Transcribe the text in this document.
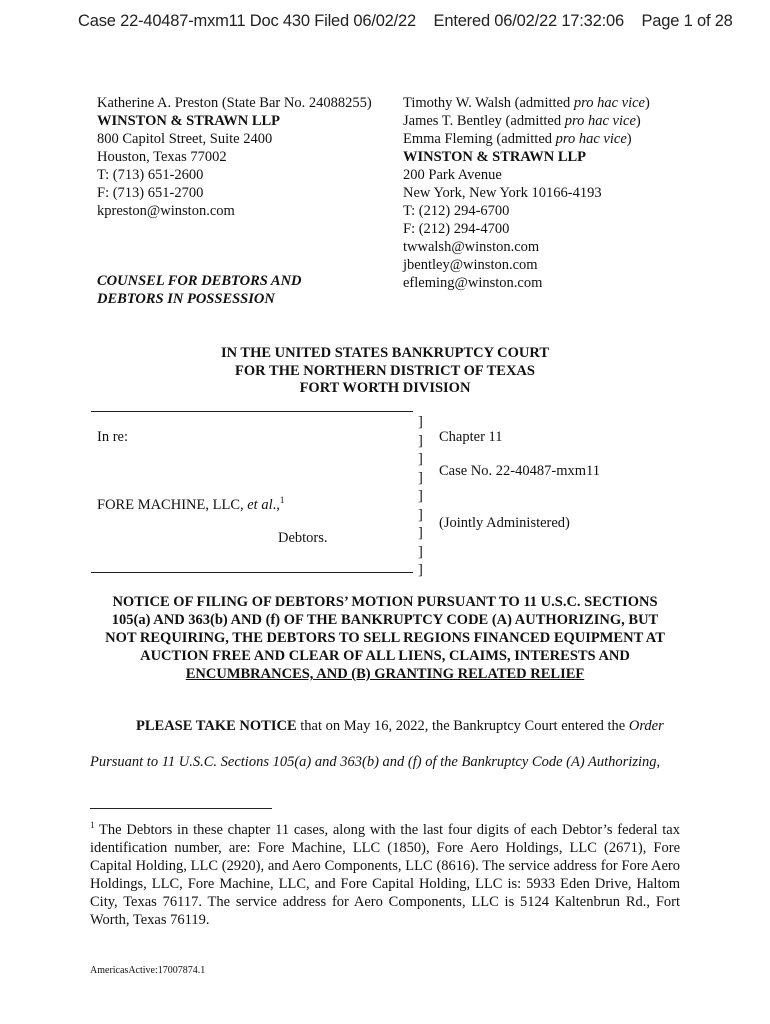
Case 22-40487-mxm11 Doc 430 Filed 06/02/22    Entered 06/02/22 17:32:06    Page 1 of 28
Katherine A. Preston (State Bar No. 24088255)
WINSTON & STRAWN LLP
800 Capitol Street, Suite 2400
Houston, Texas 77002
T: (713) 651-2600
F: (713) 651-2700
kpreston@winston.com
COUNSEL FOR DEBTORS AND
DEBTORS IN POSSESSION
Timothy W. Walsh (admitted pro hac vice)
James T. Bentley (admitted pro hac vice)
Emma Fleming (admitted pro hac vice)
WINSTON & STRAWN LLP
200 Park Avenue
New York, New York 10166-4193
T: (212) 294-6700
F: (212) 294-4700
twwalsh@winston.com
jbentley@winston.com
efleming@winston.com
IN THE UNITED STATES BANKRUPTCY COURT
FOR THE NORTHERN DISTRICT OF TEXAS
FORT WORTH DIVISION
In re:
FORE MACHINE, LLC, et al.,$^1$
Debtors.
]
]
]
]
]
]
]
]
]
Chapter 11
Case No. 22-40487-mxm11
(Jointly Administered)
NOTICE OF FILING OF DEBTORS’ MOTION PURSUANT TO 11 U.S.C. SECTIONS
105(a) AND 363(b) AND (f) OF THE BANKRUPTCY CODE (A) AUTHORIZING, BUT
NOT REQUIRING, THE DEBTORS TO SELL REGIONS FINANCED EQUIPMENT AT
AUCTION FREE AND CLEAR OF ALL LIENS, CLAIMS, INTERESTS AND
ENCUMBRANCES, AND (B) GRANTING RELATED RELIEF
PLEASE TAKE NOTICE that on May 16, 2022, the Bankruptcy Court entered the Order
Pursuant to 11 U.S.C. Sections 105(a) and 363(b) and (f) of the Bankruptcy Code (A) Authorizing,
$^1$ The Debtors in these chapter 11 cases, along with the last four digits of each Debtor’s federal tax identification number, are: Fore Machine, LLC (1850), Fore Aero Holdings, LLC (2671), Fore Capital Holding, LLC (2920), and Aero Components, LLC (8616). The service address for Fore Aero Holdings, LLC, Fore Machine, LLC, and Fore Capital Holding, LLC is: 5933 Eden Drive, Haltom City, Texas 76117. The service address for Aero Components, LLC is 5124 Kaltenbrun Rd., Fort Worth, Texas 76119.
AmericasActive:17007874.1
